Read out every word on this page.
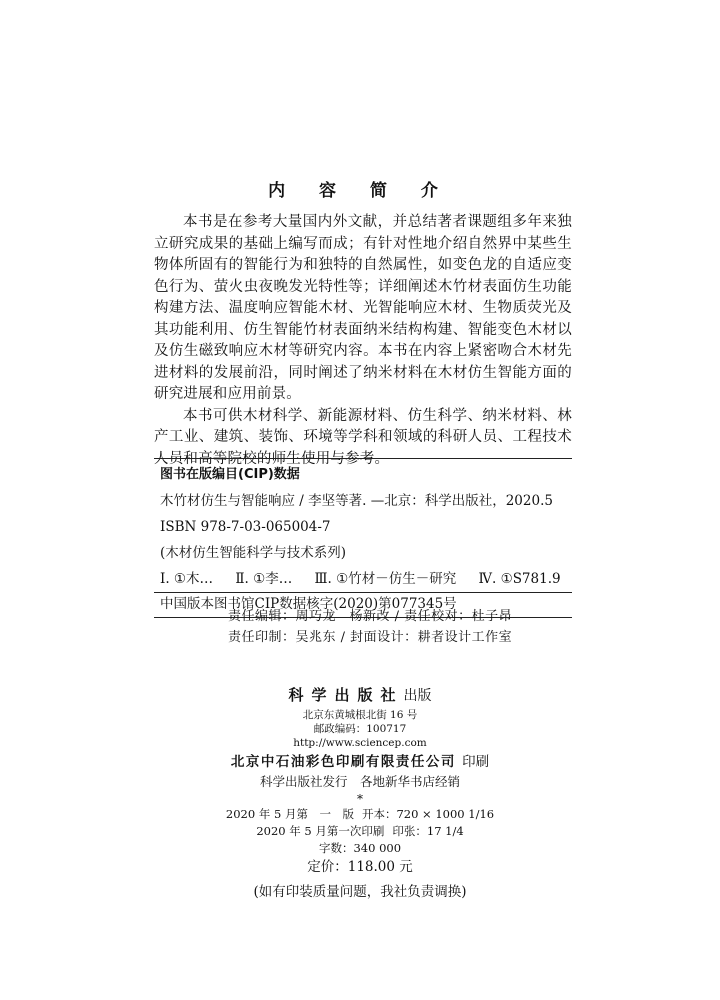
内 容 简 介

本书是在参考大量国内外文献，并总结著者课题组多年来独立研究成果的基础上编写而成；有针对性地介绍自然界中某些生物体所固有的智能行为和独特的自然属性，如变色龙的自适应变色行为、萤火虫夜晚发光特性等；详细阐述木竹材表面仿生功能构建方法、温度响应智能木材、光智能响应木材、生物质荧光及其功能利用、仿生智能竹材表面纳米结构构建、智能变色木材以及仿生磁致响应木材等研究内容。本书在内容上紧密吻合木材先进材料的发展前沿，同时阐述了纳米材料在木材仿生智能方面的研究进展和应用前景。

本书可供木材科学、新能源材料、仿生科学、纳米材料、林产工业、建筑、装饰、环境等学科和领域的科研人员、工程技术人员和高等院校的师生使用与参考。

图书在版编目(CIP)数据
木竹材仿生与智能响应 / 李坚等著. —北京：科学出版社，2020.5
ISBN 978-7-03-065004-7
(木材仿生智能科学与技术系列)
Ⅰ. ①木… Ⅱ. ①李… Ⅲ. ①竹材－仿生－研究 Ⅳ. ①S781.9
中国版本图书馆CIP数据核字(2020)第077345号
责任编辑：周巧龙　杨新改 / 责任校对：杜子昂
责任印制：吴兆东 / 封面设计：耕者设计工作室
科学出版社出版
北京东黄城根北街 16 号
邮政编码：100717
http://www.sciencep.com
北京中石油彩色印刷有限责任公司 印刷
科学出版社发行　各地新华书店经销
*
2020 年 5 月第　一　版 开本：720 × 1000 1/16
2020 年 5 月第一次印刷 印张：17 1/4
字数：340 000
定价：118.00 元
(如有印装质量问题，我社负责调换)
